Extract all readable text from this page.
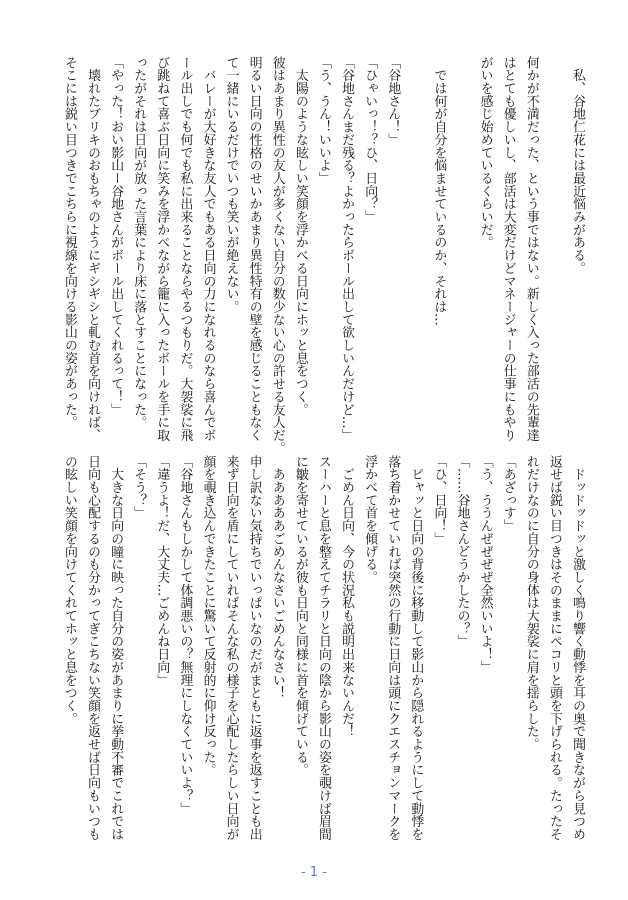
　私、谷地仁花には最近悩みがある。
何かが不満だった、という事ではない。新しく入った部活の先輩達
はとても優しいし、部活は大変だけどマネージャーの仕事にもやり
がいを感じ始めているくらいだ。
　では何が自分を悩ませているのか、それは…
「谷地さん！」
「ひゃいっ！？ひ、日向？」
「谷地さんまだ残る？よかったらボール出して欲しいんだけど…」
「う、うん！いいよ」
　太陽のような眩しい笑顔を浮かべる日向にホッと息をつく。
彼はあまり異性の友人が多くない自分の数少ない心の許せる友人だ。
明るい日向の性格のせいかあまり異性特有の壁を感じることもなく
て一緒にいるだけでいつも笑いが絶えない。
　バレーが大好きな友人でもある日向の力になれるのなら喜んでボ
ール出しでも何でも私に出来ることならやるつもりだ。大袈裟に飛
び跳ねて喜ぶ日向に笑みを浮かべながら籠に入ったボールを手に取
ったがそれは日向が放った言葉により床に落とすことになった。
「やった！おい影山ー谷地さんがボール出してくれるって！」
　壊れたブリキのおもちゃのようにギシギシと軋む首を向ければ、
そこには鋭い目つきでこちらに視線を向ける影山の姿があった。
　ドッドッドッと激しく鳴り響く動悸を耳の奥で聞きながら見つめ
返せば鋭い目つきはそのままにペコリと頭を下げられる。たったそ
れだけなのに自分の身体は大袈裟に肩を揺らした。
「あざっす」
「う、ううんぜぜぜぜ全然いいよ！」
「……谷地さんどうかしたの？」
「ひ、日向！」
　ピャッと日向の背後に移動して影山から隠れるようにして動悸を
落ち着かせていれば突然の行動に日向は頭にクエスチョンマークを
浮かべて首を傾げる。
　ごめん日向、今の状況私も説明出来ないんだ！
スーハーと息を整えてチラリと日向の陰から影山の姿を覗けば眉間
に皺を寄せているが彼も日向と同様に首を傾げている。
　あああああごめんなさいごめんなさい！
申し訳ない気持ちでいっぱいなのだがまともに返事を返すことも出
来ず日向を盾にしていればそんな私の様子を心配したらしい日向が
顔を覗き込んできたことに驚いて反射的に仰け反った。
「谷地さんもしかして体調悪いの？無理にしなくていいよ？」
「違うよ！だ、大丈夫…ごめんね日向」
「そう？」
　大きな日向の瞳に映った自分の姿があまりに挙動不審でこれでは
日向も心配するのも分かってぎこちない笑顔を返せば日向もいつも
の眩しい笑顔を向けてくれてホッと息をつく。
- 1 -
